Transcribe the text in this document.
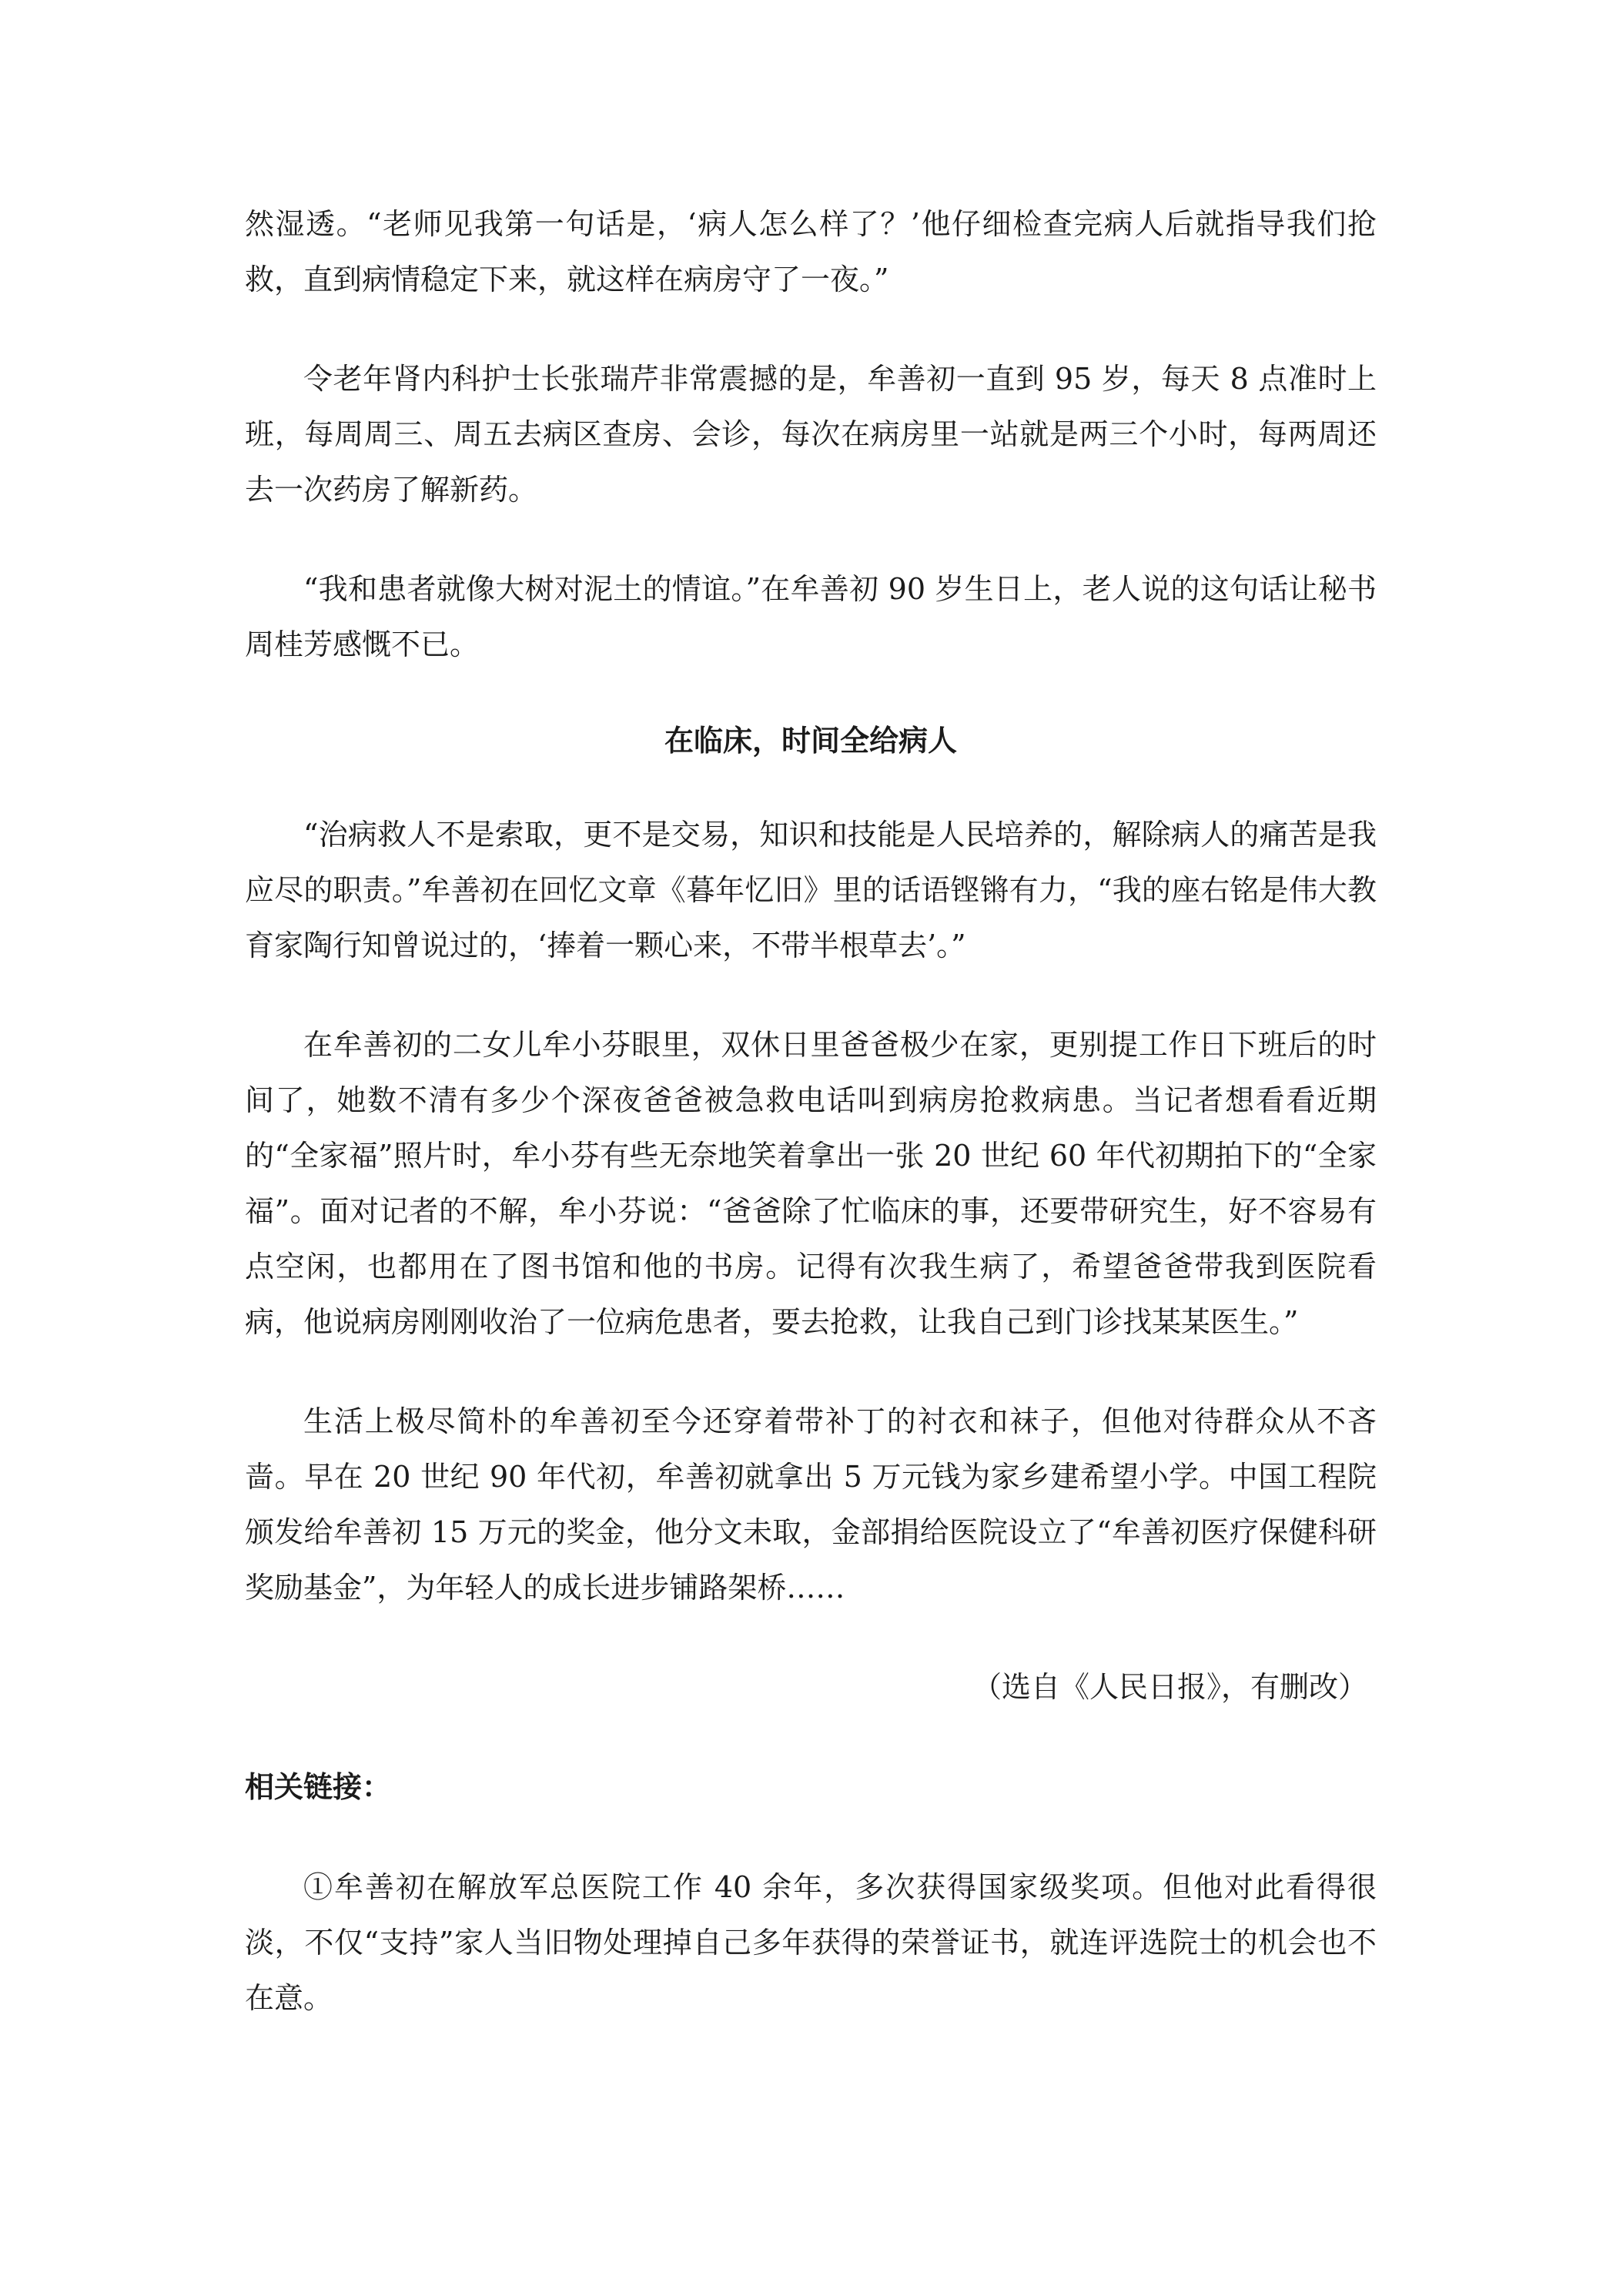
然湿透。“老师见我第一句话是，‘病人怎么样了？’他仔细检查完病人后就指导我们抢救，直到病情稳定下来，就这样在病房守了一夜。”

令老年肾内科护士长张瑞芹非常震撼的是，牟善初一直到 95 岁，每天 8 点准时上班，每周周三、周五去病区查房、会诊，每次在病房里一站就是两三个小时，每两周还去一次药房了解新药。

“我和患者就像大树对泥土的情谊。”在牟善初 90 岁生日上，老人说的这句话让秘书周桂芳感慨不已。

在临床，时间全给病人

“治病救人不是索取，更不是交易，知识和技能是人民培养的，解除病人的痛苦是我应尽的职责。”牟善初在回忆文章《暮年忆旧》里的话语铿锵有力，“我的座右铭是伟大教育家陶行知曾说过的，‘捧着一颗心来，不带半根草去’。”

在牟善初的二女儿牟小芬眼里，双休日里爸爸极少在家，更别提工作日下班后的时间了，她数不清有多少个深夜爸爸被急救电话叫到病房抢救病患。当记者想看看近期的“全家福”照片时，牟小芬有些无奈地笑着拿出一张 20 世纪 60 年代初期拍下的“全家福”。面对记者的不解，牟小芬说：“爸爸除了忙临床的事，还要带研究生，好不容易有点空闲，也都用在了图书馆和他的书房。记得有次我生病了，希望爸爸带我到医院看病，他说病房刚刚收治了一位病危患者，要去抢救，让我自己到门诊找某某医生。”

生活上极尽简朴的牟善初至今还穿着带补丁的衬衣和袜子，但他对待群众从不吝啬。早在 20 世纪 90 年代初，牟善初就拿出 5 万元钱为家乡建希望小学。中国工程院颁发给牟善初 15 万元的奖金，他分文未取，金部捐给医院设立了“牟善初医疗保健科研奖励基金”，为年轻人的成长进步铺路架桥……

（选自《人民日报》，有删改）
相关链接：

①牟善初在解放军总医院工作 40 余年，多次获得国家级奖项。但他对此看得很淡，不仅“支持”家人当旧物处理掉自己多年获得的荣誉证书，就连评选院士的机会也不在意。
